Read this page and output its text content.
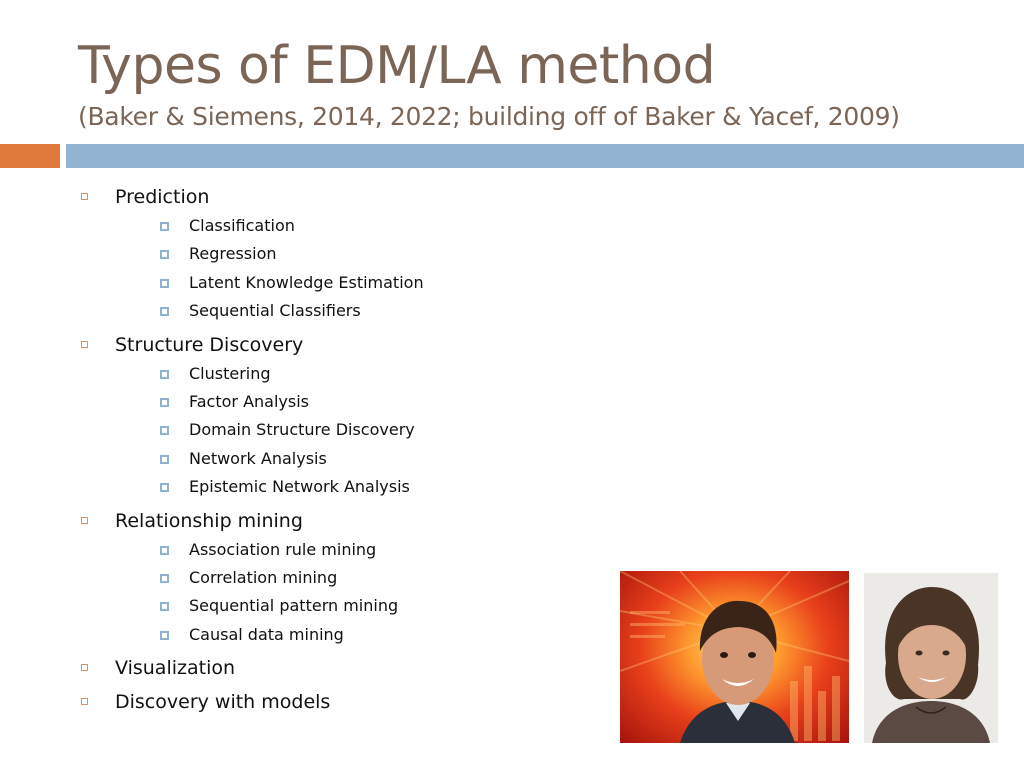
Types of EDM/LA method
(Baker & Siemens, 2014, 2022; building off of Baker & Yacef, 2009)
Prediction
Classification
Regression
Latent Knowledge Estimation
Sequential Classifiers
Structure Discovery
Clustering
Factor Analysis
Domain Structure Discovery
Network Analysis
Epistemic Network Analysis
Relationship mining
Association rule mining
Correlation mining
Sequential pattern mining
Causal data mining
Visualization
Discovery with models
